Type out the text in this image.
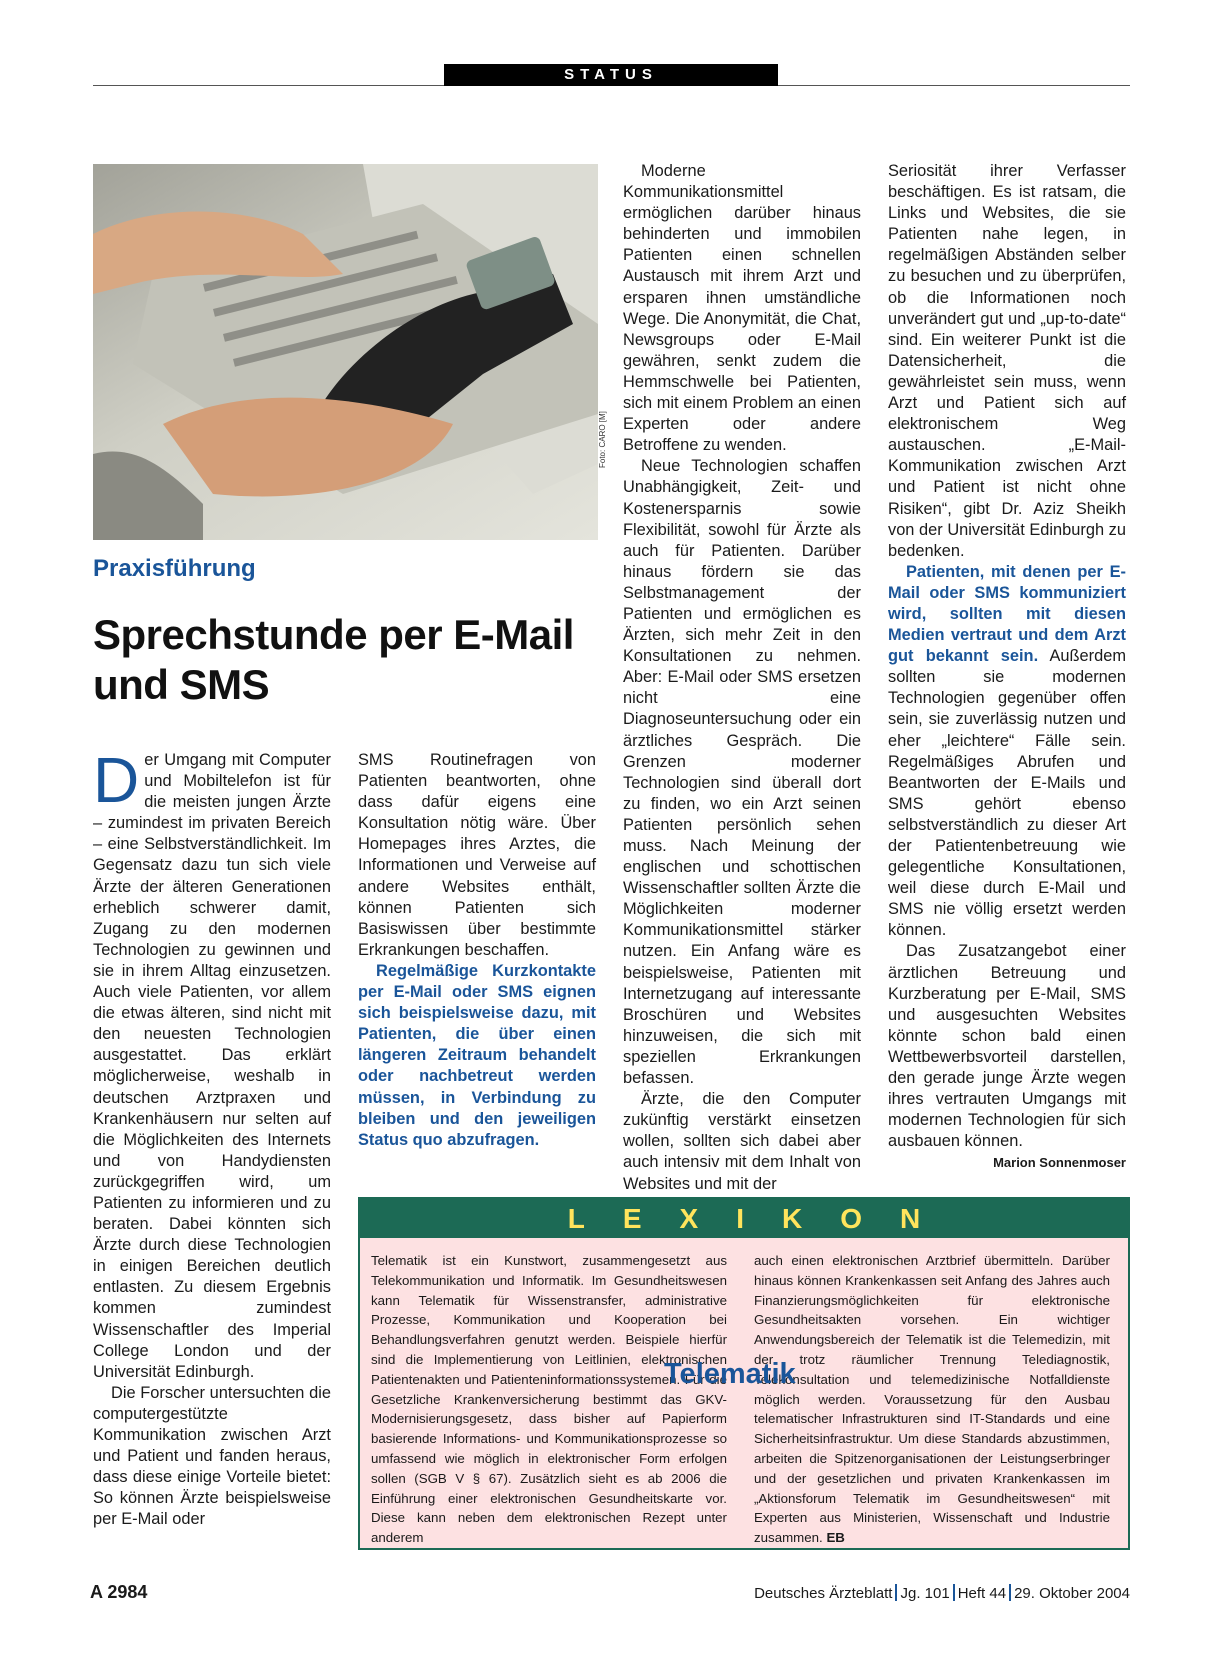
STATUS
Foto: CARO [M]
Praxisführung
Sprechstunde per E-Mail und SMS

Der Umgang mit Computer und Mobiltelefon ist für die meisten jungen Ärzte – zumindest im privaten Bereich – eine Selbstverständlichkeit. Im Gegensatz dazu tun sich viele Ärzte der älteren Generationen erheblich schwerer damit, Zugang zu den modernen Technologien zu gewinnen und sie in ihrem Alltag einzusetzen. Auch viele Patienten, vor allem die etwas älteren, sind nicht mit den neuesten Technologien ausgestattet. Das erklärt möglicherweise, weshalb in deutschen Arztpraxen und Krankenhäusern nur selten auf die Möglichkeiten des Internets und von Handydiensten zurückgegriffen wird, um Patienten zu informieren und zu beraten. Dabei könnten sich Ärzte durch diese Technologien in einigen Bereichen deutlich entlasten. Zu diesem Ergebnis kommen zumindest Wissenschaftler des Imperial College London und der Universität Edinburgh.

Die Forscher untersuchten die computergestützte Kommunikation zwischen Arzt und Patient und fanden heraus, dass diese einige Vorteile bietet: So können Ärzte beispielsweise per E-Mail oder

SMS Routinefragen von Patienten beantworten, ohne dass dafür eigens eine Konsultation nötig wäre. Über Homepages ihres Arztes, die Informationen und Verweise auf andere Websites enthält, können Patienten sich Basiswissen über bestimmte Erkrankungen beschaffen.

Regelmäßige Kurzkontakte per E-Mail oder SMS eignen sich beispielsweise dazu, mit Patienten, die über einen längeren Zeitraum behandelt oder nachbetreut werden müssen, in Verbindung zu bleiben und den jeweiligen Status quo abzufragen.

Moderne Kommunikationsmittel ermöglichen darüber hinaus behinderten und immobilen Patienten einen schnellen Austausch mit ihrem Arzt und ersparen ihnen umständliche Wege. Die Anonymität, die Chat, Newsgroups oder E-Mail gewähren, senkt zudem die Hemmschwelle bei Patienten, sich mit einem Problem an einen Experten oder andere Betroffene zu wenden.

Neue Technologien schaffen Unabhängigkeit, Zeit- und Kostenersparnis sowie Flexibilität, sowohl für Ärzte als auch für Patienten. Darüber hinaus fördern sie das Selbstmanagement der Patienten und ermöglichen es Ärzten, sich mehr Zeit in den Konsultationen zu nehmen. Aber: E-Mail oder SMS ersetzen nicht eine Diagnoseuntersuchung oder ein ärztliches Gespräch. Die Grenzen moderner Technologien sind überall dort zu finden, wo ein Arzt seinen Patienten persönlich sehen muss. Nach Meinung der englischen und schottischen Wissenschaftler sollten Ärzte die Möglichkeiten moderner Kommunikationsmittel stärker nutzen. Ein Anfang wäre es beispielsweise, Patienten mit Internetzugang auf interessante Broschüren und Websites hinzuweisen, die sich mit speziellen Erkrankungen befassen.

Ärzte, die den Computer zukünftig verstärkt einsetzen wollen, sollten sich dabei aber auch intensiv mit dem Inhalt von Websites und mit der

Seriosität ihrer Verfasser beschäftigen. Es ist ratsam, die Links und Websites, die sie Patienten nahe legen, in regelmäßigen Abständen selber zu besuchen und zu überprüfen, ob die Informationen noch unverändert gut und „up-to-date“ sind. Ein weiterer Punkt ist die Datensicherheit, die gewährleistet sein muss, wenn Arzt und Patient sich auf elektronischem Weg austauschen. „E-Mail-Kommunikation zwischen Arzt und Patient ist nicht ohne Risiken“, gibt Dr. Aziz Sheikh von der Universität Edinburgh zu bedenken.

Patienten, mit denen per E-Mail oder SMS kommuniziert wird, sollten mit diesen Medien vertraut und dem Arzt gut bekannt sein. Außerdem sollten sie modernen Technologien gegenüber offen sein, sie zuverlässig nutzen und eher „leichtere“ Fälle sein. Regelmäßiges Abrufen und Beantworten der E-Mails und SMS gehört ebenso selbstverständlich zu dieser Art der Patientenbetreuung wie gelegentliche Konsultationen, weil diese durch E-Mail und SMS nie völlig ersetzt werden können.

Das Zusatzangebot einer ärztlichen Betreuung und Kurzberatung per E-Mail, SMS und ausgesuchten Websites könnte schon bald einen Wettbewerbsvorteil darstellen, den gerade junge Ärzte wegen ihres vertrauten Umgangs mit modernen Technologien für sich ausbauen können.
Marion Sonnenmoser

LEXIKON

Telematik ist ein Kunstwort, zusammengesetzt aus Telekommunikation und Informatik. Im Gesundheitswesen kann Telematik für Wissenstransfer, administrative Prozesse, Kommunikation und Kooperation bei Behandlungsverfahren genutzt werden. Beispiele hierfür sind die Implementierung von Leitlinien, elektronischen Patientenakten und Patienteninformationssystemen. Für die Gesetzliche Krankenversicherung bestimmt das GKV-Modernisierungsgesetz, dass bisher auf Papierform basierende Informations- und Kommunikationsprozesse so umfassend wie möglich in elektronischer Form erfolgen sollen (SGB V § 67). Zusätzlich sieht es ab 2006 die Einführung einer elektronischen Gesundheitskarte vor. Diese kann neben dem elektronischen Rezept unter anderem

auch einen elektronischen Arztbrief übermitteln. Darüber hinaus können Krankenkassen seit Anfang des Jahres auch Finanzierungsmöglichkeiten für elektronische Gesundheitsakten vorsehen. Ein wichtiger Anwendungsbereich der Telematik ist die Telemedizin, mit der trotz räumlicher Trennung Telediagnostik, Telekonsultation und telemedizinische Notfalldienste möglich werden. Voraussetzung für den Ausbau telematischer Infrastrukturen sind IT-Standards und eine Sicherheitsinfrastruktur. Um diese Standards abzustimmen, arbeiten die Spitzenorganisationen der Leistungserbringer und der gesetzlichen und privaten Krankenkassen im „Aktionsforum Telematik im Gesundheitswesen“ mit Experten aus Ministerien, Wissenschaft und Industrie zusammen. EB

Telematik
A 2984	Deutsches Ärzteblatt Jg. 101 Heft 44 29. Oktober 2004
